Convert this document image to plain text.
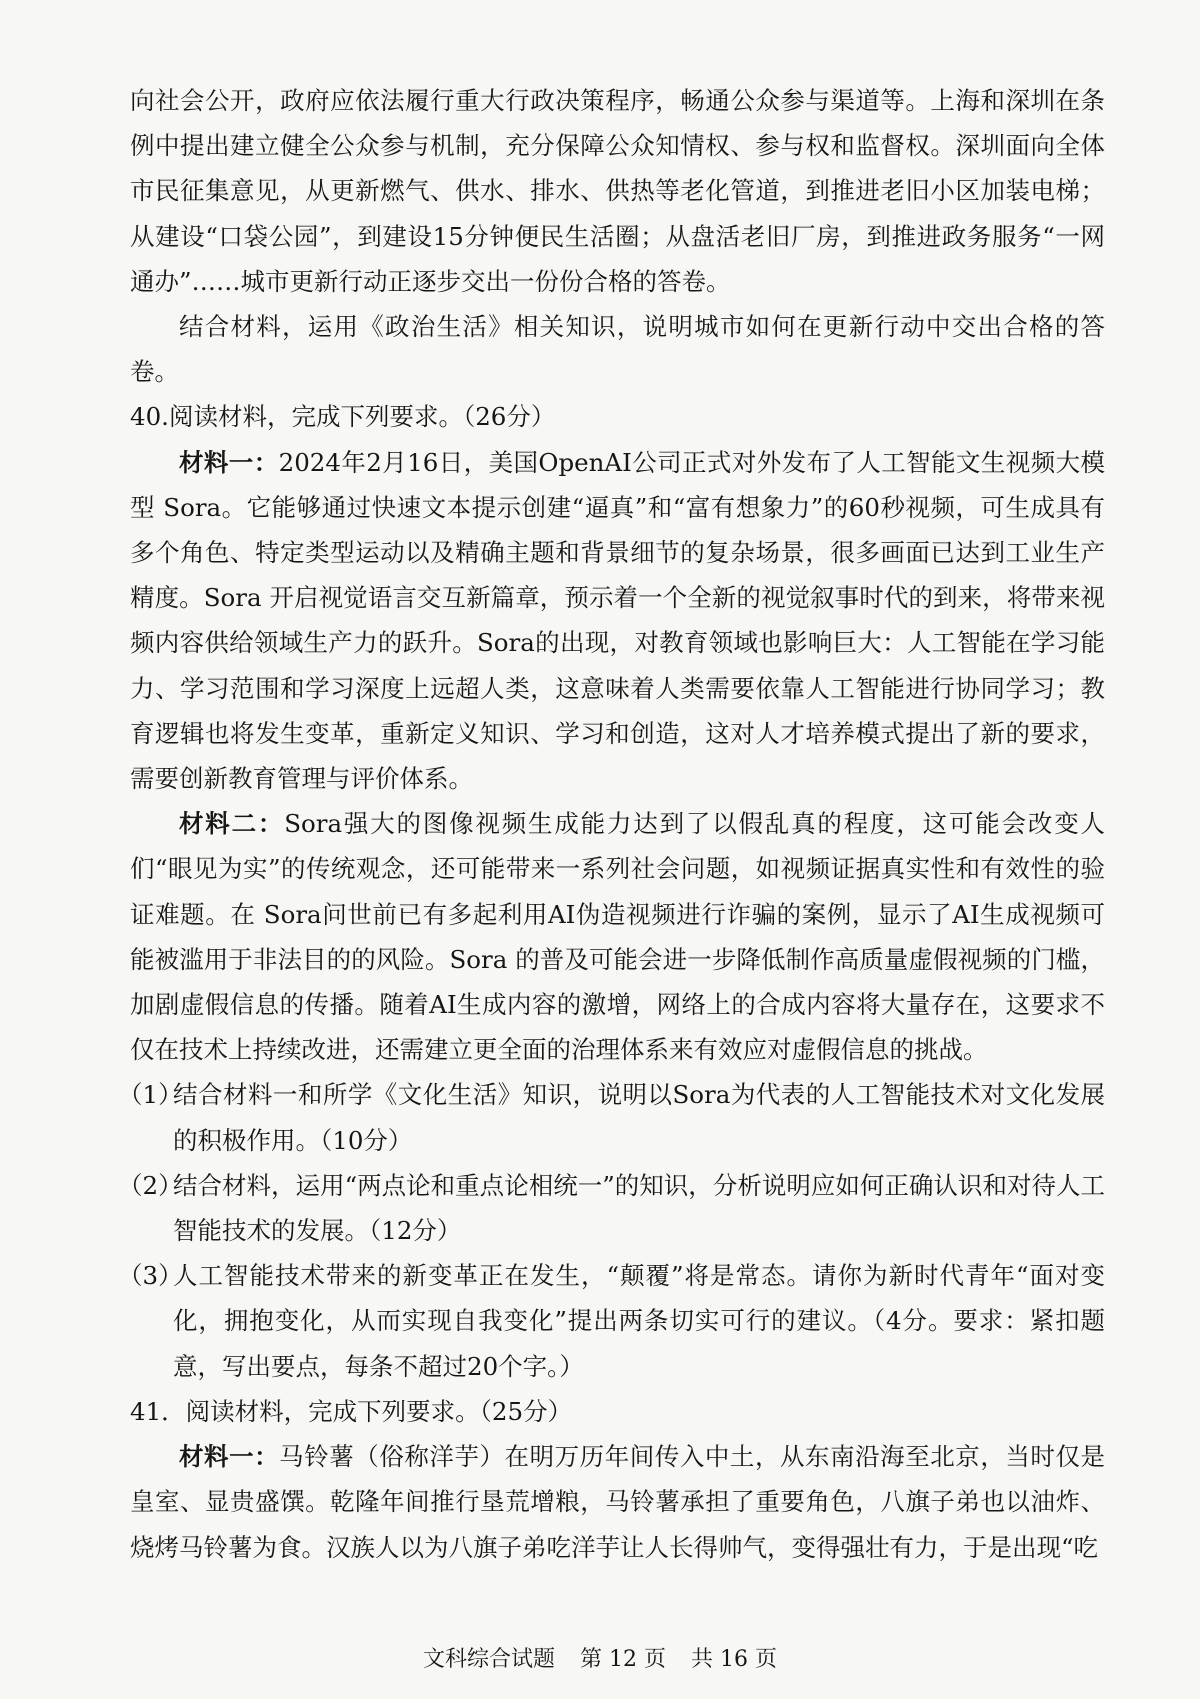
向社会公开，政府应依法履行重大行政决策程序，畅通公众参与渠道等。上海和深圳在条例中提出建立健全公众参与机制，充分保障公众知情权、参与权和监督权。深圳面向全体市民征集意见，从更新燃气、供水、排水、供热等老化管道，到推进老旧小区加装电梯；从建设“口袋公园”，到建设15分钟便民生活圈；从盘活老旧厂房，到推进政务服务“一网通办”……城市更新行动正逐步交出一份份合格的答卷。

结合材料，运用《政治生活》相关知识，说明城市如何在更新行动中交出合格的答卷。

40.阅读材料，完成下列要求。（26分）

材料一：2024年2月16日，美国OpenAI公司正式对外发布了人工智能文生视频大模型 Sora。它能够通过快速文本提示创建“逼真”和“富有想象力”的60秒视频，可生成具有多个角色、特定类型运动以及精确主题和背景细节的复杂场景，很多画面已达到工业生产精度。Sora 开启视觉语言交互新篇章，预示着一个全新的视觉叙事时代的到来，将带来视频内容供给领域生产力的跃升。Sora的出现，对教育领域也影响巨大：人工智能在学习能力、学习范围和学习深度上远超人类，这意味着人类需要依靠人工智能进行协同学习；教育逻辑也将发生变革，重新定义知识、学习和创造，这对人才培养模式提出了新的要求，需要创新教育管理与评价体系。

材料二：Sora强大的图像视频生成能力达到了以假乱真的程度，这可能会改变人们“眼见为实”的传统观念，还可能带来一系列社会问题，如视频证据真实性和有效性的验证难题。在 Sora问世前已有多起利用AI伪造视频进行诈骗的案例，显示了AI生成视频可能被滥用于非法目的的风险。Sora 的普及可能会进一步降低制作高质量虚假视频的门槛，加剧虚假信息的传播。随着AI生成内容的激增，网络上的合成内容将大量存在，这要求不仅在技术上持续改进，还需建立更全面的治理体系来有效应对虚假信息的挑战。

（1）
结合材料一和所学《文化生活》知识，说明以Sora为代表的人工智能技术对文化发展的积极作用。（10分）
（2）
结合材料，运用“两点论和重点论相统一”的知识，分析说明应如何正确认识和对待人工智能技术的发展。（12分）
（3）
人工智能技术带来的新变革正在发生，“颠覆”将是常态。请你为新时代青年“面对变化，拥抱变化，从而实现自我变化”提出两条切实可行的建议。（4分。要求：紧扣题意，写出要点，每条不超过20个字。）

41．阅读材料，完成下列要求。（25分）

材料一：马铃薯（俗称洋芋）在明万历年间传入中土，从东南沿海至北京，当时仅是皇室、显贵盛馔。乾隆年间推行垦荒增粮，马铃薯承担了重要角色，八旗子弟也以油炸、烧烤马铃薯为食。汉族人以为八旗子弟吃洋芋让人长得帅气，变得强壮有力，于是出现“吃

文科综合试题 第 12 页 共 16 页
